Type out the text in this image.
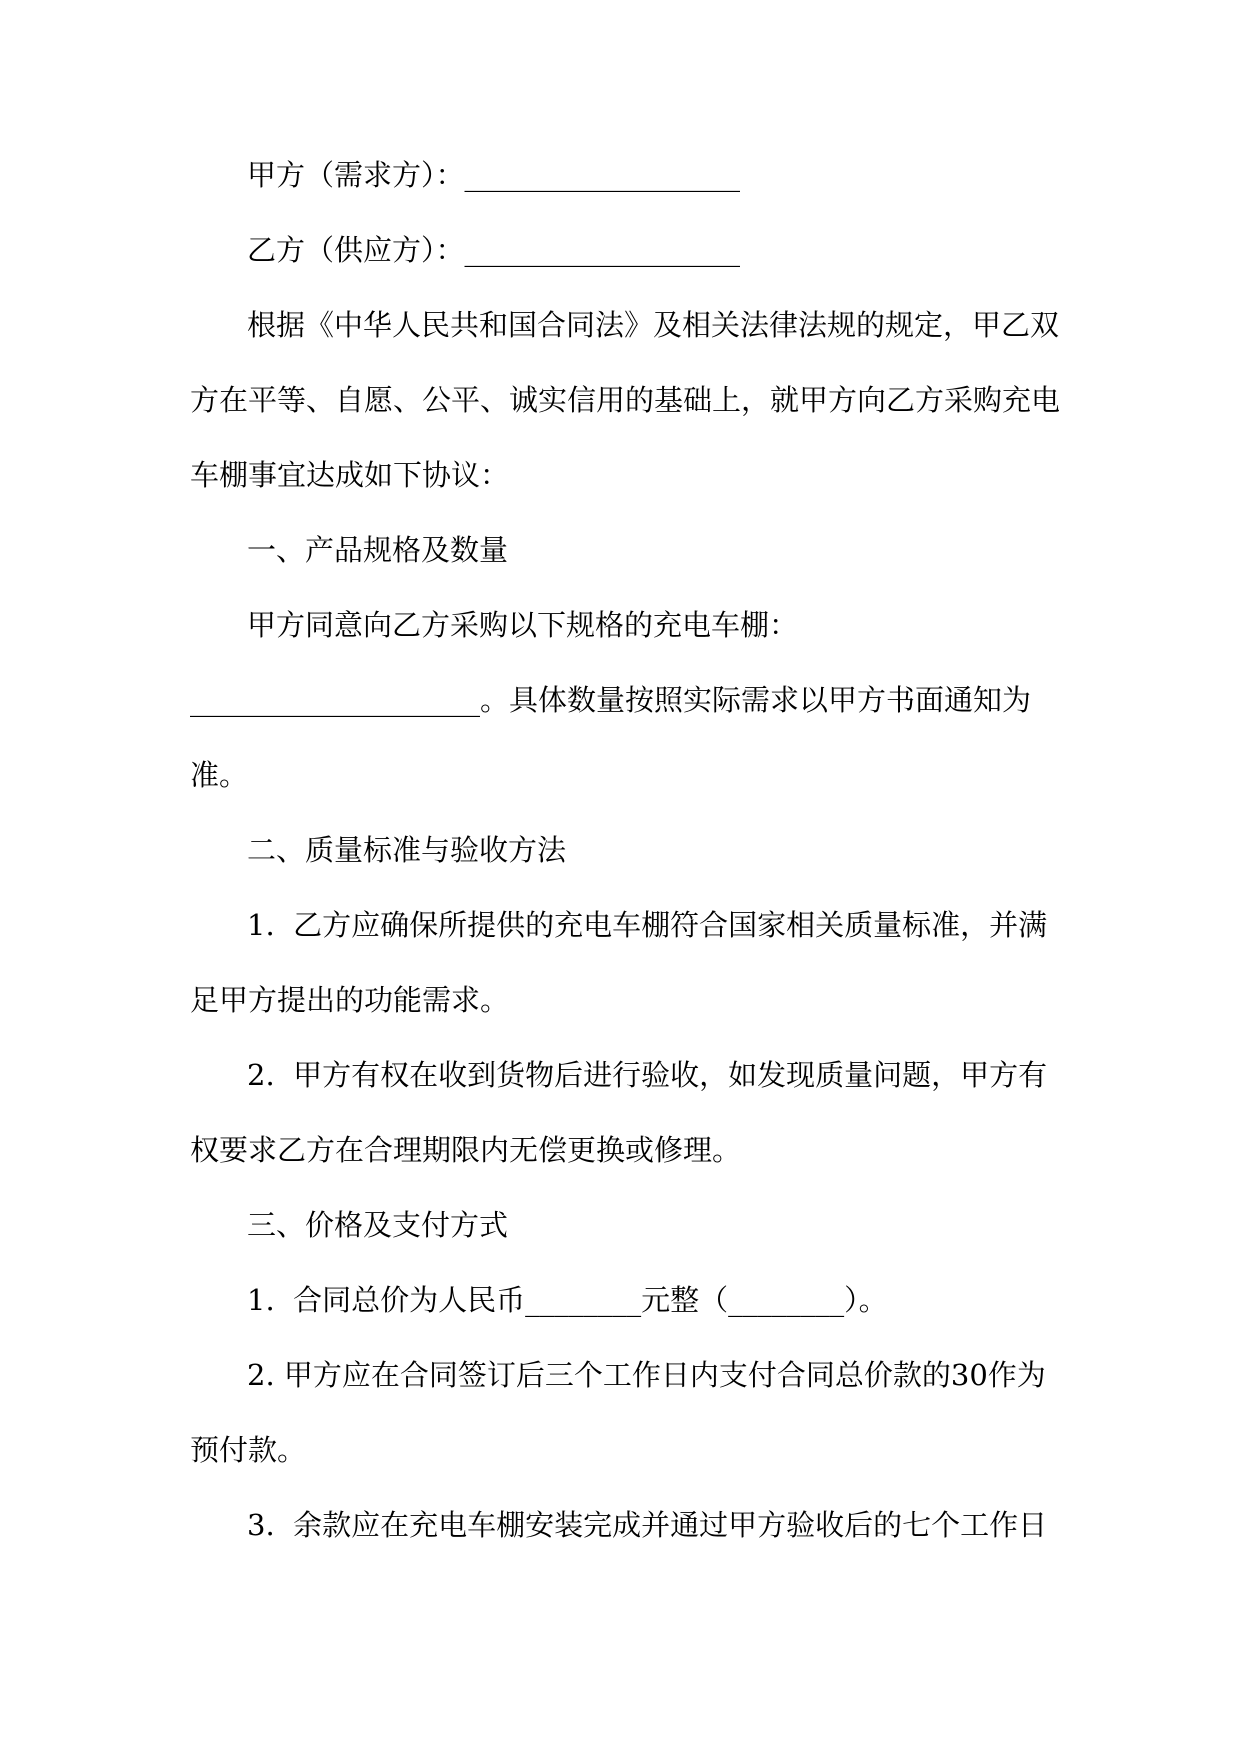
甲方（需求方）：___________________
乙方（供应方）：___________________
根据《中华人民共和国合同法》及相关法律法规的规定，甲乙双
方在平等、自愿、公平、诚实信用的基础上，就甲方向乙方采购充电
车棚事宜达成如下协议：
一、产品规格及数量
甲方同意向乙方采购以下规格的充电车棚：
____________________。具体数量按照实际需求以甲方书面通知为
准。
二、质量标准与验收方法
1.  乙方应确保所提供的充电车棚符合国家相关质量标准，并满
足甲方提出的功能需求。
2.  甲方有权在收到货物后进行验收，如发现质量问题，甲方有
权要求乙方在合理期限内无偿更换或修理。
三、价格及支付方式
1.  合同总价为人民币________元整（________）。
2. 甲方应在合同签订后三个工作日内支付合同总价款的30作为
预付款。
3.  余款应在充电车棚安装完成并通过甲方验收后的七个工作日
